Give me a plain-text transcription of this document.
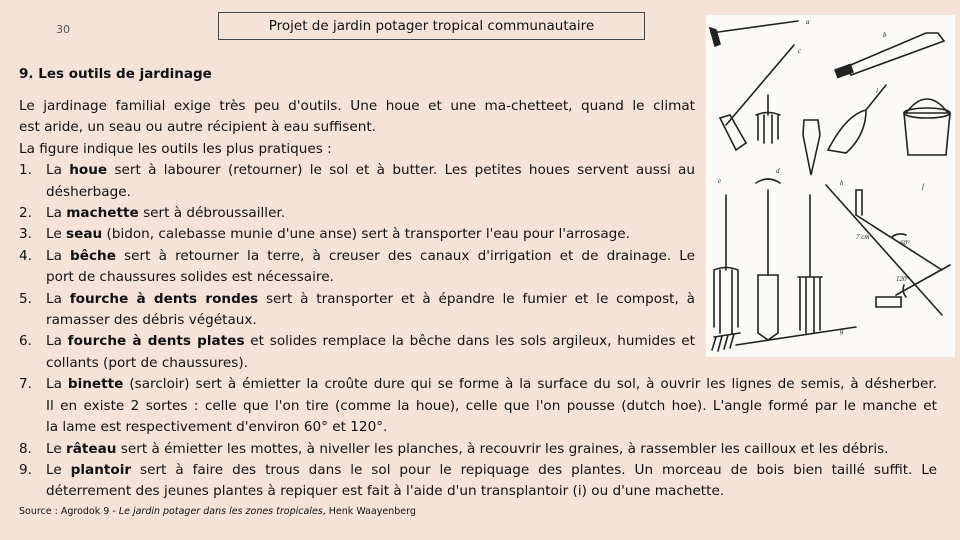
30	Projet de jardin potager tropical communautaire
9. Les outils de jardinage
Le jardinage familial exige très peu d'outils. Une houe et une ma-chetteet, quand le climat
est aride, un seau ou autre récipient à eau suffisent.
La figure indique les outils les plus pratiques :
1.	La houe sert à labourer (retourner) le sol et à butter. Les petites houes servent aussi au
désherbage.
2.	La machette sert à débroussailler.
3.	Le seau (bidon, calebasse munie d'une anse) sert à transporter l'eau pour l'arrosage.
4.	La bêche sert à retourner la terre, à creuser des canaux d'irrigation et de drainage. Le
port de chaussures solides est nécessaire.
5.	La fourche à dents rondes sert à transporter et à épandre le fumier et le compost, à
ramasser des débris végétaux.
6.	La fourche à dents plates et solides remplace la bêche dans les sols argileux, humides et
collants (port de chaussures).
7.	La binette (sarcloir) sert à émietter la croûte dure qui se forme à la surface du sol, à ouvrir les lignes de semis, à désherber.
Il en existe 2 sortes : celle que l'on tire (comme la houe), celle que l'on pousse (dutch hoe). L'angle formé par le manche et
la lame est respectivement d'environ 60° et 120°.
8.	Le râteau sert à émietter les mottes, à niveller les planches, à recouvrir les graines, à rassembler les cailloux et les débris.
9.	Le plantoir sert à faire des trous dans le sol pour le repiquage des plantes. Un morceau de bois bien taillé suffit. Le
déterrement des jeunes plantes à repiquer est fait à l'aide d'un transplantoir (i) ou d'une machette.
Source : Agrodok 9 - Le jardin potager dans les zones tropicales, Henk Waayenberg
a
b
c
d
e
f
g
h
i
7 cm
60°
120°
